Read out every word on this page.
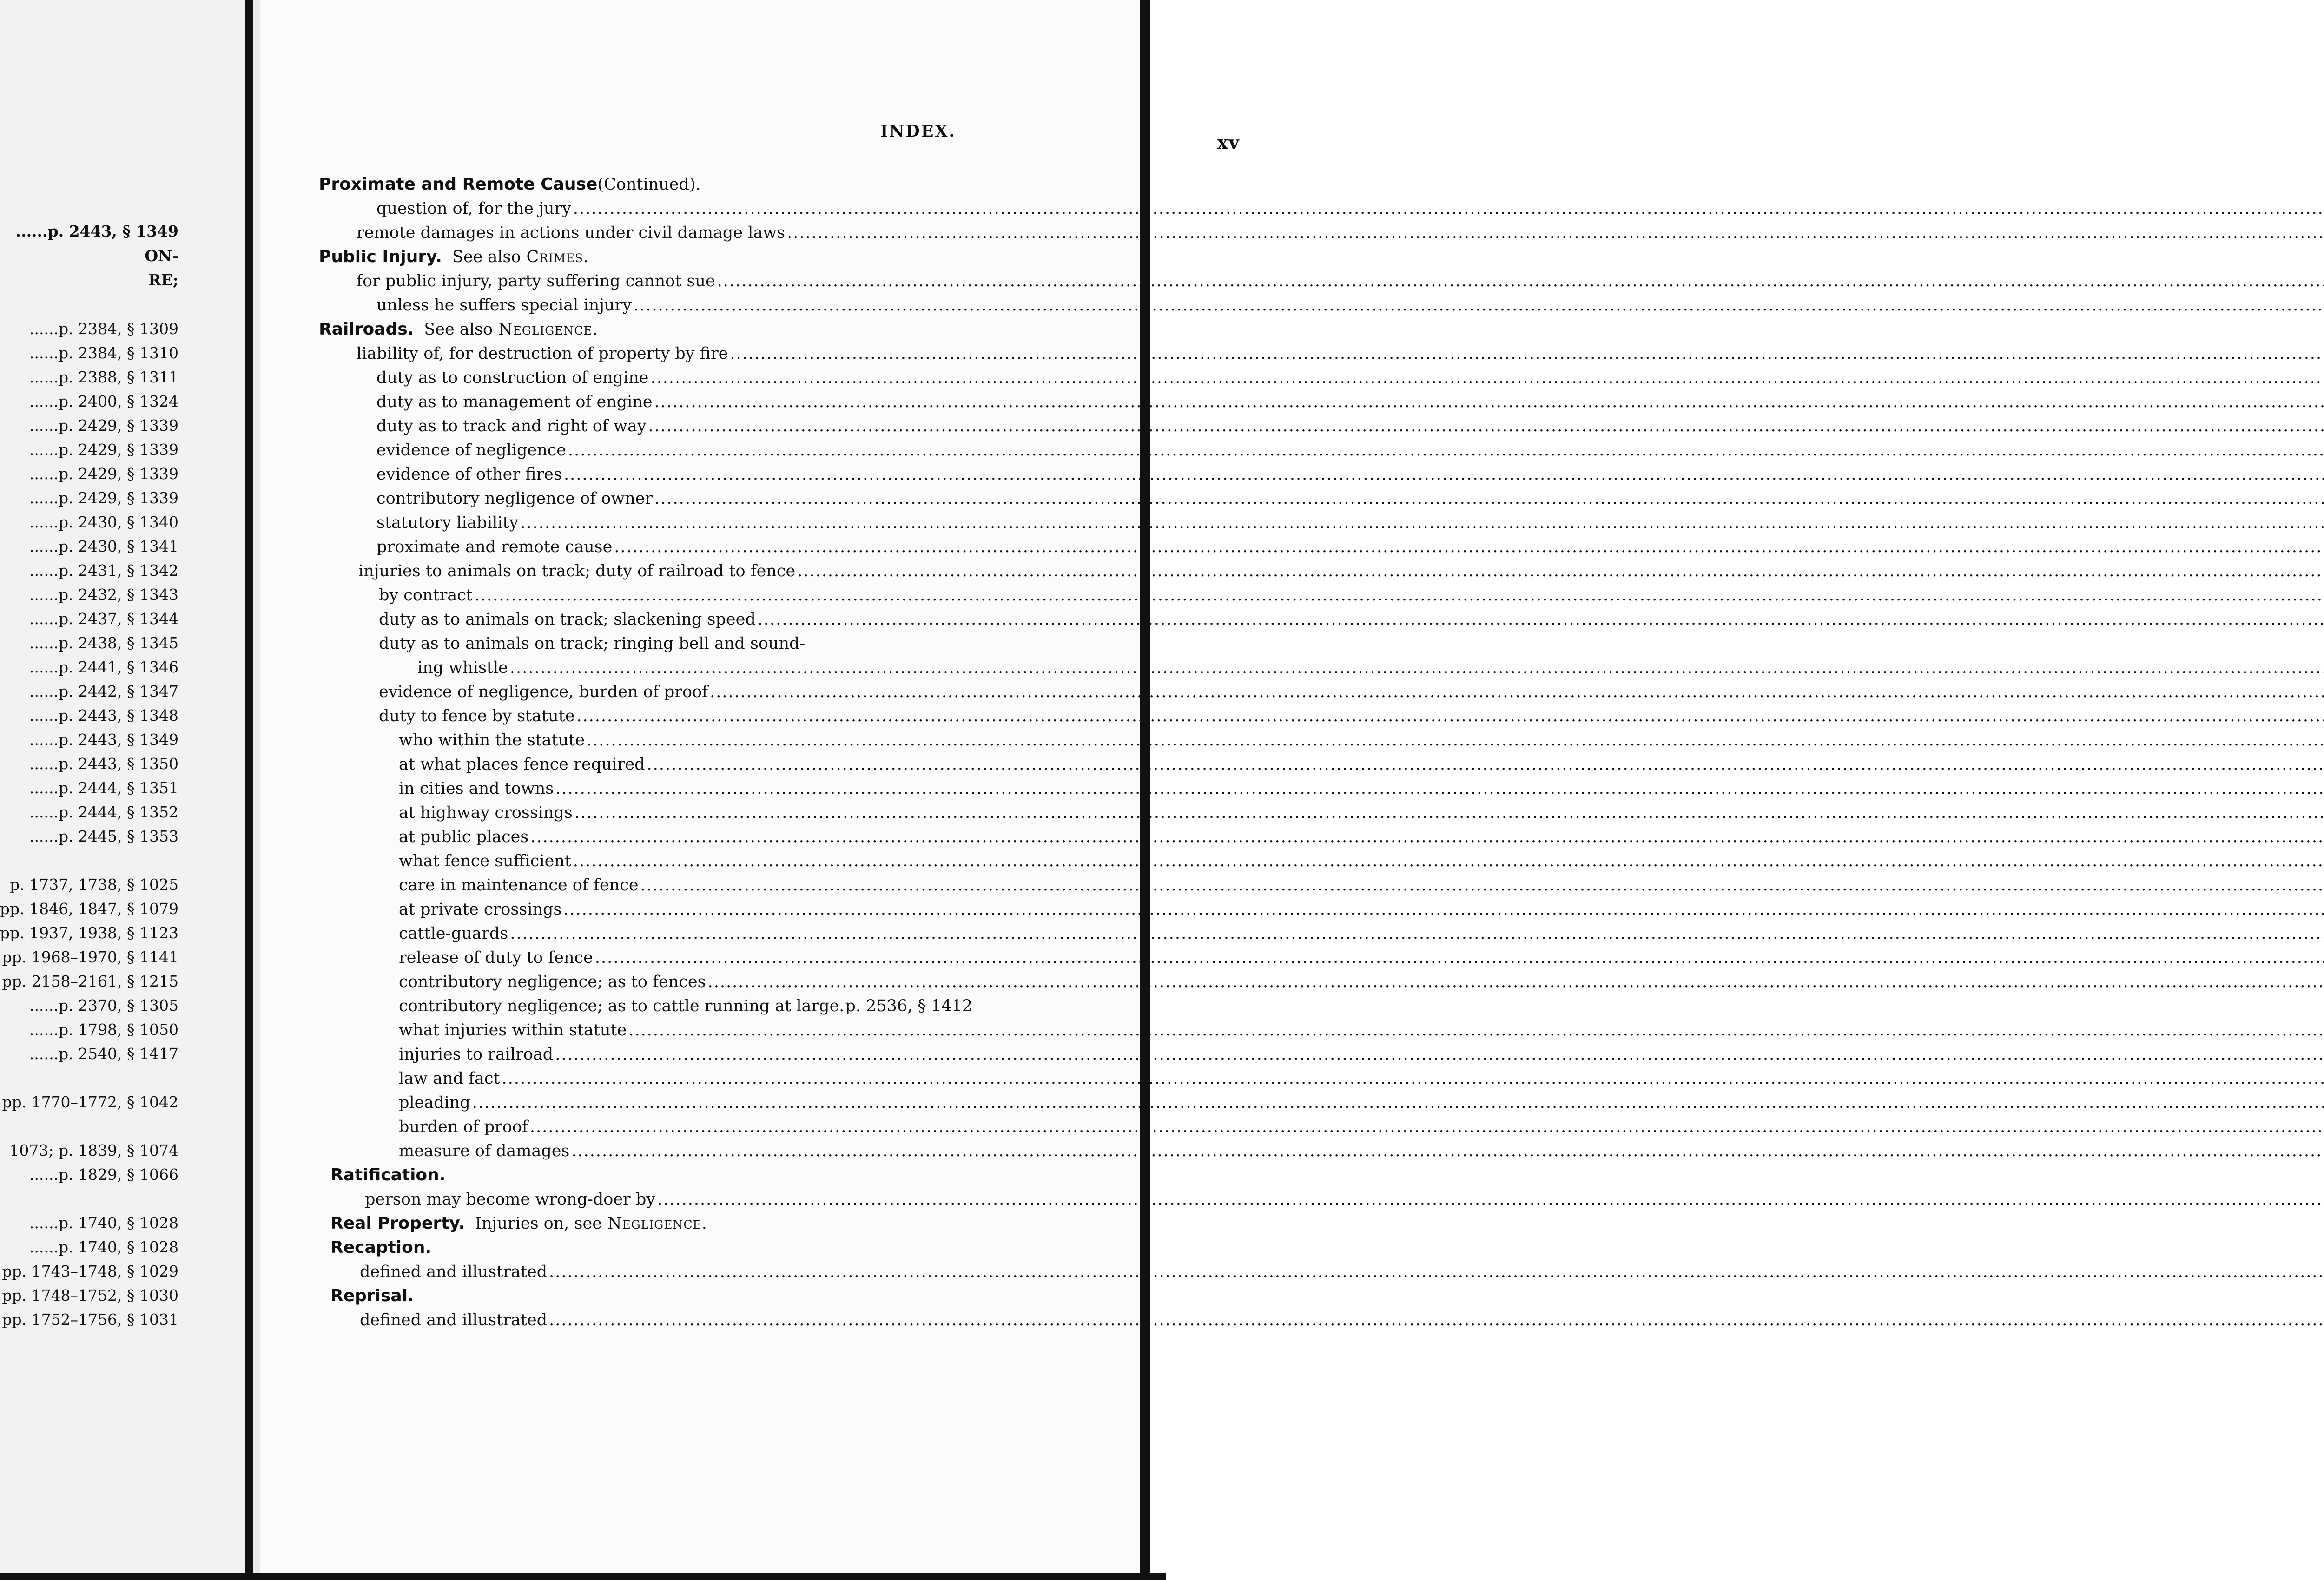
......p. 2443, § 1349
ON-
RE;
......p. 2384, § 1309
......p. 2384, § 1310
......p. 2388, § 1311
......p. 2400, § 1324
......p. 2429, § 1339
......p. 2429, § 1339
......p. 2429, § 1339
......p. 2429, § 1339
......p. 2430, § 1340
......p. 2430, § 1341
......p. 2431, § 1342
......p. 2432, § 1343
......p. 2437, § 1344
......p. 2438, § 1345
......p. 2441, § 1346
......p. 2442, § 1347
......p. 2443, § 1348
......p. 2443, § 1349
......p. 2443, § 1350
......p. 2444, § 1351
......p. 2444, § 1352
......p. 2445, § 1353
p. 1737, 1738, § 1025
pp. 1846, 1847, § 1079
pp. 1937, 1938, § 1123
pp. 1968–1970, § 1141
pp. 2158–2161, § 1215
......p. 2370, § 1305
......p. 1798, § 1050
......p. 2540, § 1417
pp. 1770–1772, § 1042
1073; p. 1839, § 1074
......p. 1829, § 1066
......p. 1740, § 1028
......p. 1740, § 1028
pp. 1743–1748, § 1029
pp. 1748–1752, § 1030
pp. 1752–1756, § 1031
INDEX.
xv
Proximate and Remote Cause (Continued).
question of, for the jury
.....
remote damages in actions under civil damage laws
.....
Public Injury. See also Crimes.
for public injury, party suffering cannot sue
.....
unless he suffers special injury
.....
Railroads. See also Negligence.
liability of, for destruction of property by fire
.....
duty as to construction of engine
.....
duty as to management of engine
.....
duty as to track and right of way
.....
evidence of negligence
.....
evidence of other fires
.....
contributory negligence of owner
.....
statutory liability
.....
proximate and remote cause
.....
injuries to animals on track; duty of railroad to fence
.....
by contract
.....
duty as to animals on track; slackening speed
.....
duty as to animals on track; ringing bell and sound-
ing whistle
.....
evidence of negligence, burden of proof
.....
duty to fence by statute
.....
who within the statute
.....
at what places fence required
.....
in cities and towns
.....
at highway crossings
.....
at public places
.....
what fence sufficient
.....
care in maintenance of fence
.....
at private crossings
.....
cattle-guards
.....
release of duty to fence
.....
contributory negligence; as to fences
.....
contributory negligence; as to cattle running at large. p. 2536, § 1412
what injuries within statute
.....
injuries to railroad
.....
law and fact
.....
pleading
.....
burden of proof
.....
measure of damages
.....
Ratification.
person may become wrong-doer by
.....
Real Property. Injuries on, see Negligence.
Recaption.
defined and illustrated
.....
Reprisal.
defined and illustrated
.....
